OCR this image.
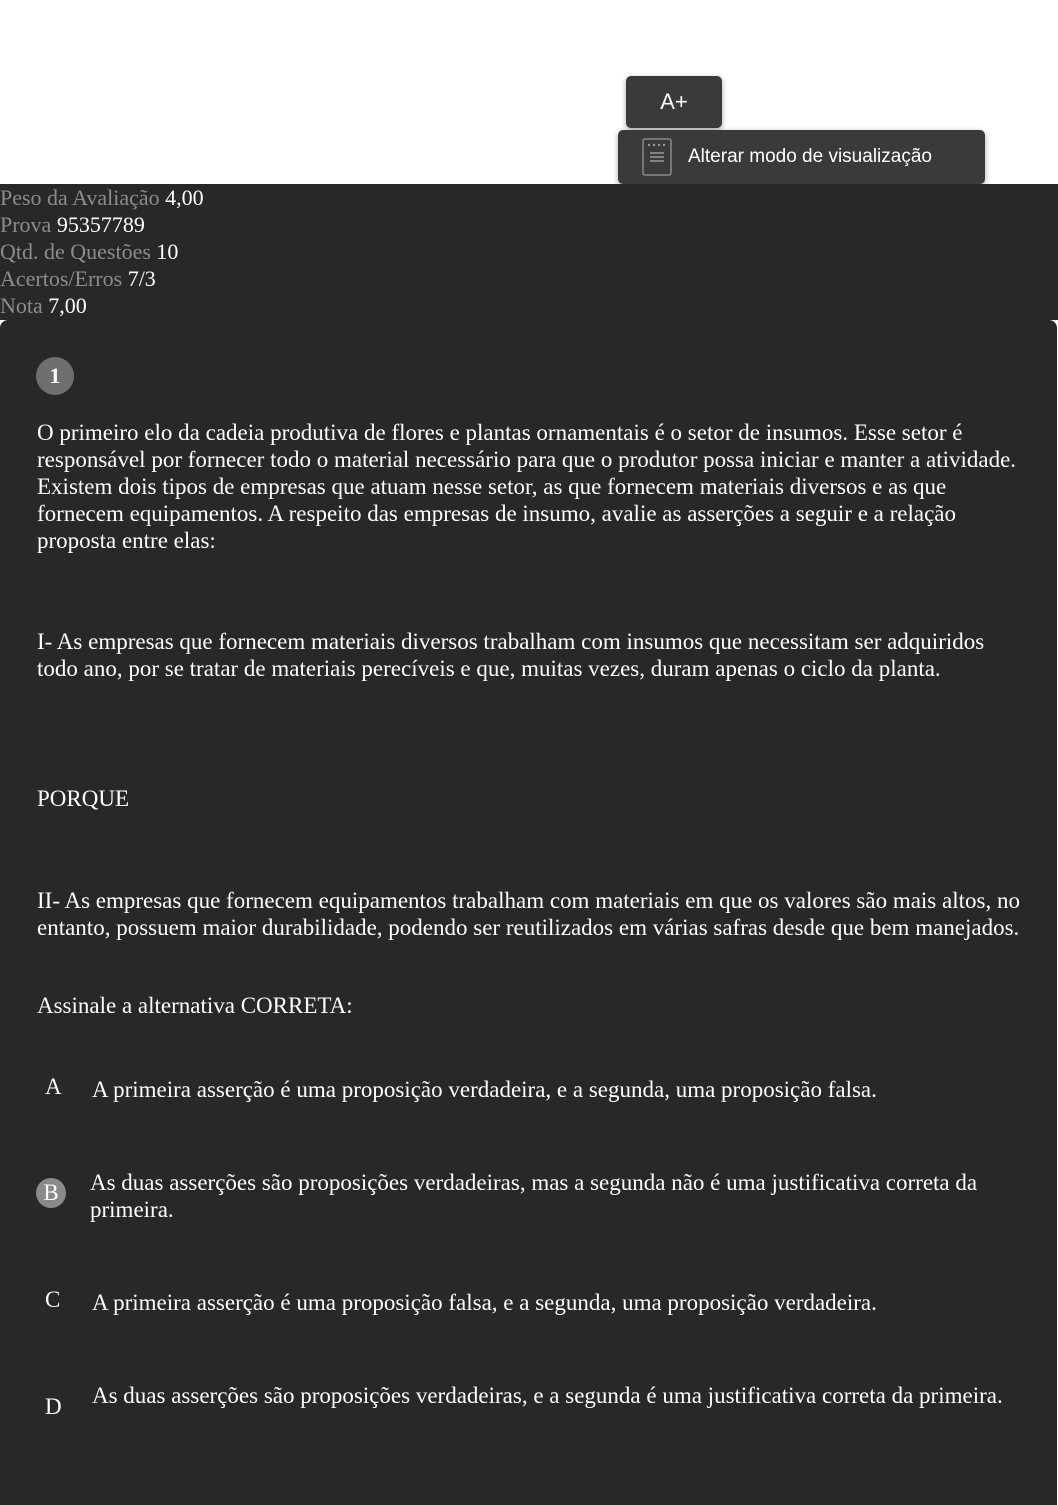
A+
Alterar modo de visualização
Peso da Avaliação 4,00
Prova 95357789
Qtd. de Questões 10
Acertos/Erros 7/3
Nota 7,00
1

O primeiro elo da cadeia produtiva de flores e plantas ornamentais é o setor de insumos. Esse setor é responsável por fornecer todo o material necessário para que o produtor possa iniciar e manter a atividade. Existem dois tipos de empresas que atuam nesse setor, as que fornecem materiais diversos e as que fornecem equipamentos. A respeito das empresas de insumo, avalie as asserções a seguir e a relação proposta entre elas:

I- As empresas que fornecem materiais diversos trabalham com insumos que necessitam ser adquiridos todo ano, por se tratar de materiais perecíveis e que, muitas vezes, duram apenas o ciclo da planta.

PORQUE

II- As empresas que fornecem equipamentos trabalham com materiais em que os valores são mais altos, no entanto, possuem maior durabilidade, podendo ser reutilizados em várias safras desde que bem manejados.

Assinale a alternativa CORRETA:

A A primeira asserção é uma proposição verdadeira, e a segunda, uma proposição falsa.
B	As duas asserções são proposições verdadeiras, mas a segunda não é uma justificativa correta da primeira.
C A primeira asserção é uma proposição falsa, e a segunda, uma proposição verdadeira.
D As duas asserções são proposições verdadeiras, e a segunda é uma justificativa correta da primeira.
